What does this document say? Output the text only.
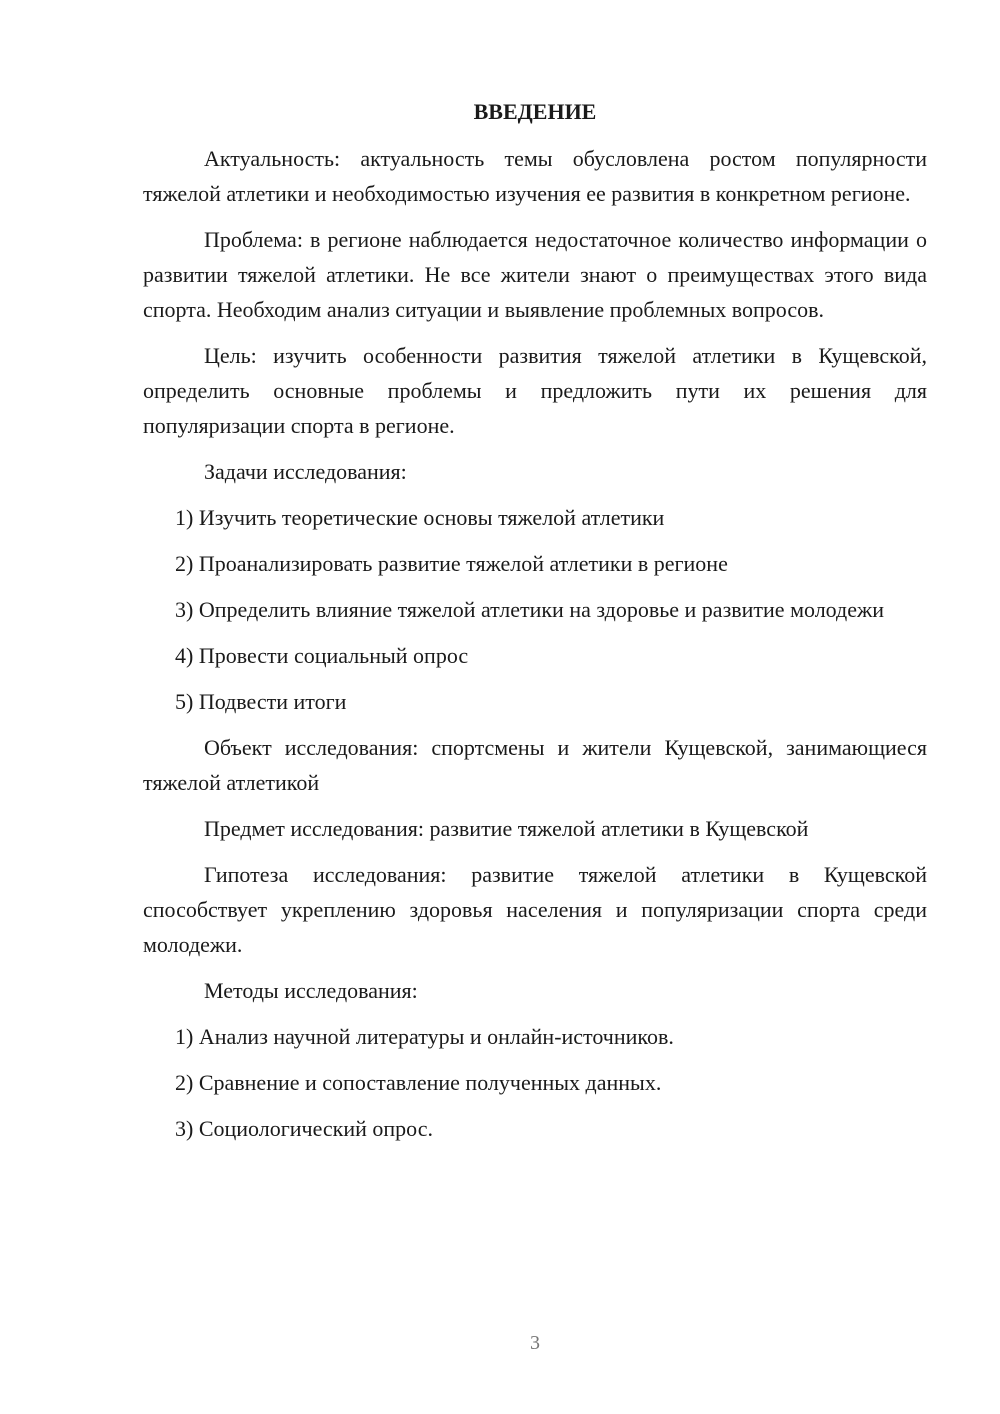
ВВЕДЕНИЕ

Актуальность: актуальность темы обусловлена ростом популярности тяжелой атлетики и необходимостью изучения ее развития в конкретном регионе.

Проблема: в регионе наблюдается недостаточное количество информации о развитии тяжелой атлетики. Не все жители знают о преимуществах этого вида спорта. Необходим анализ ситуации и выявление проблемных вопросов.

Цель: изучить особенности развития тяжелой атлетики в Кущевской, определить основные проблемы и предложить пути их решения для популяризации спорта в регионе.

Задачи исследования:

1) Изучить теоретические основы тяжелой атлетики

2) Проанализировать развитие тяжелой атлетики в регионе

3) Определить влияние тяжелой атлетики на здоровье и развитие молодежи

4) Провести социальный опрос

5) Подвести итоги

Объект исследования: спортсмены и жители Кущевской, занимающиеся тяжелой атлетикой

Предмет исследования: развитие тяжелой атлетики в Кущевской

Гипотеза исследования: развитие тяжелой атлетики в Кущевской способствует укреплению здоровья населения и популяризации спорта среди молодежи.

Методы исследования:

1) Анализ научной литературы и онлайн-источников.

2) Сравнение и сопоставление полученных данных.

3) Социологический опрос.

3
